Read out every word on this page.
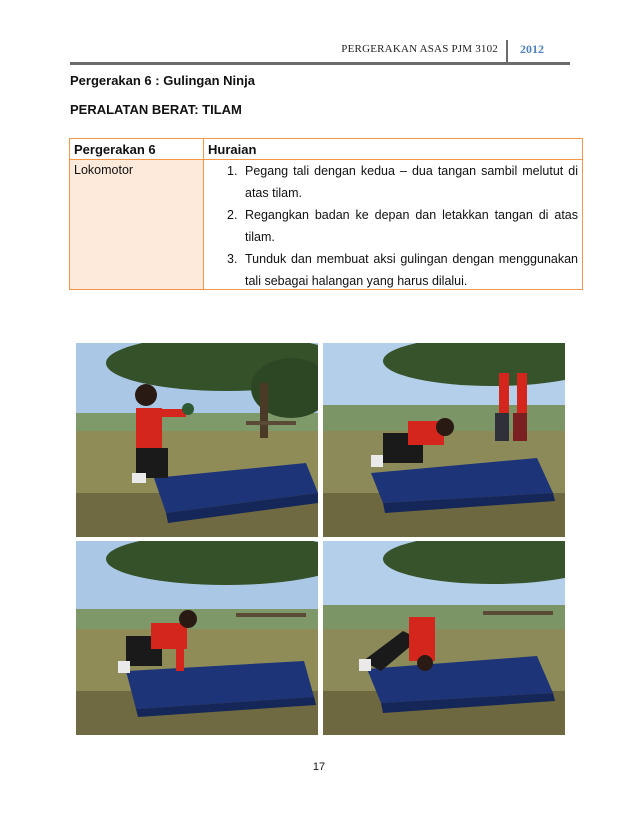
PERGERAKAN ASAS PJM 3102 2012
Pergerakan 6 : Gulingan Ninja
PERALATAN BERAT: TILAM
Pergerakan 6	Huraian
Lokomotor	1. Pegang tali dengan kedua – dua tangan sambil melutut di atas tilam.
2. Regangkan badan ke depan dan letakkan tangan di atas tilam.
3. Tunduk dan membuat aksi gulingan dengan menggunakan tali sebagai halangan yang harus dilalui.
17
